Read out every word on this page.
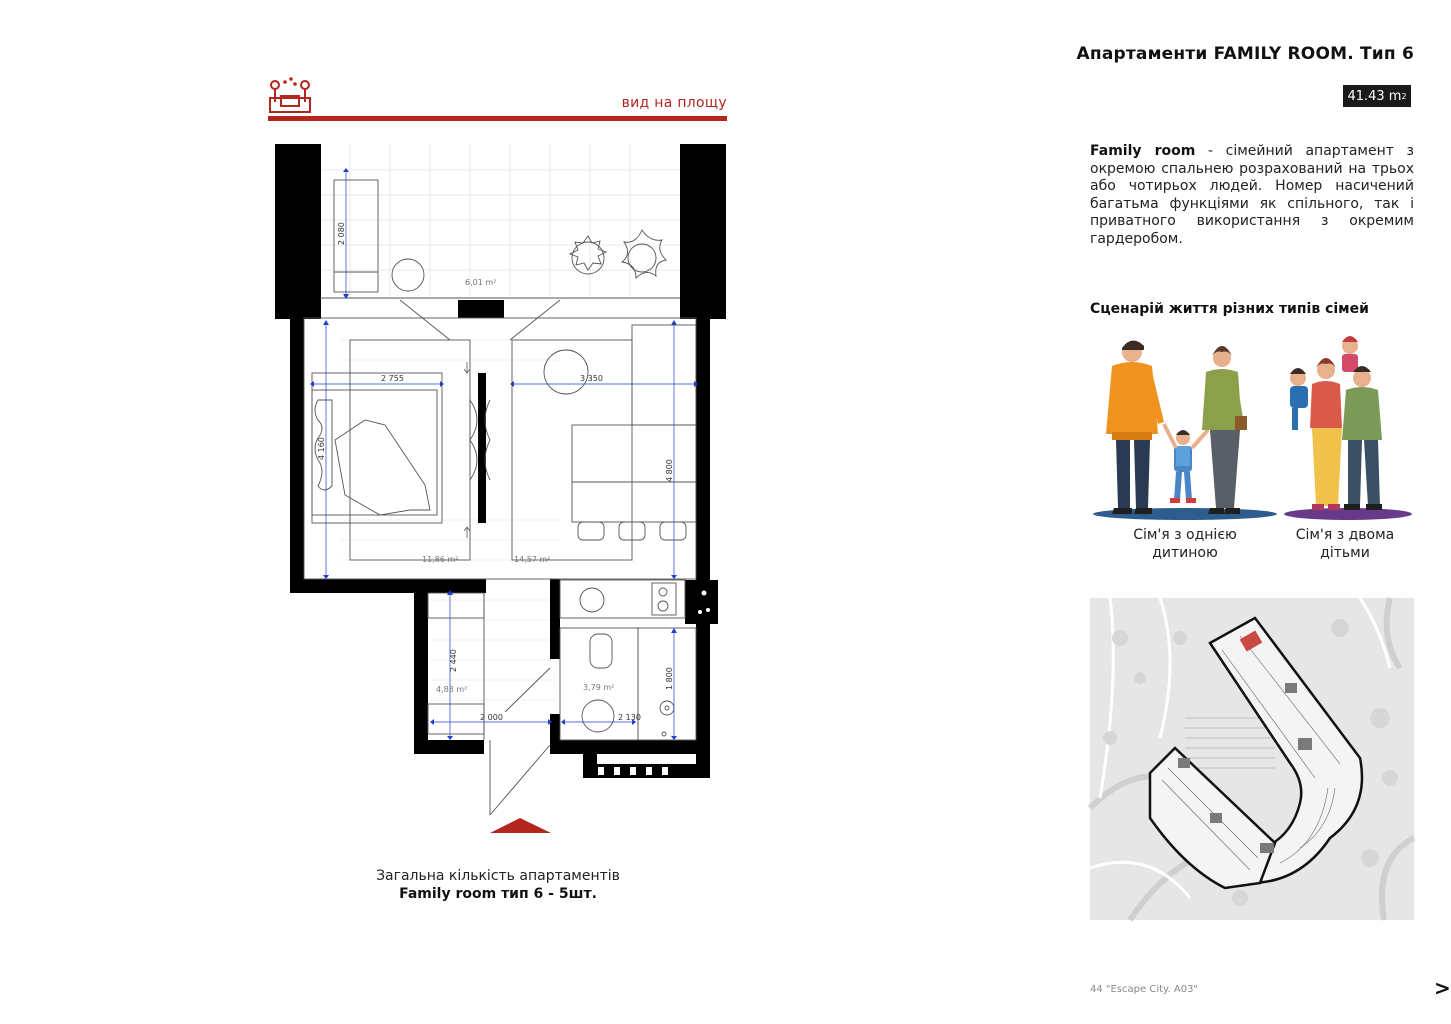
вид на площу
2 080
2 755	3 350
4 160
4 800
2 440
2 000	2 130
1 800
6,01 m²
11,86 m²	14,57 m²
4,88 m²	3,79 m²
Загальна кількість апартаментів
Family room тип 6 - 5шт.
Апартаменти FAMILY ROOM. Тип 6
41.43 m 2
Family room - сімейний апартамент з окремою спальнею розрахований на трьох або чотирьох людей. Номер насичений багатьма функціями як спільного, так і приватного використання з окремим гардеробом.
Сценарій життя різних типів сімей
Сім'я з однією дитиною
Сім'я з двома дітьми
44 "Escape City. A03"	>
